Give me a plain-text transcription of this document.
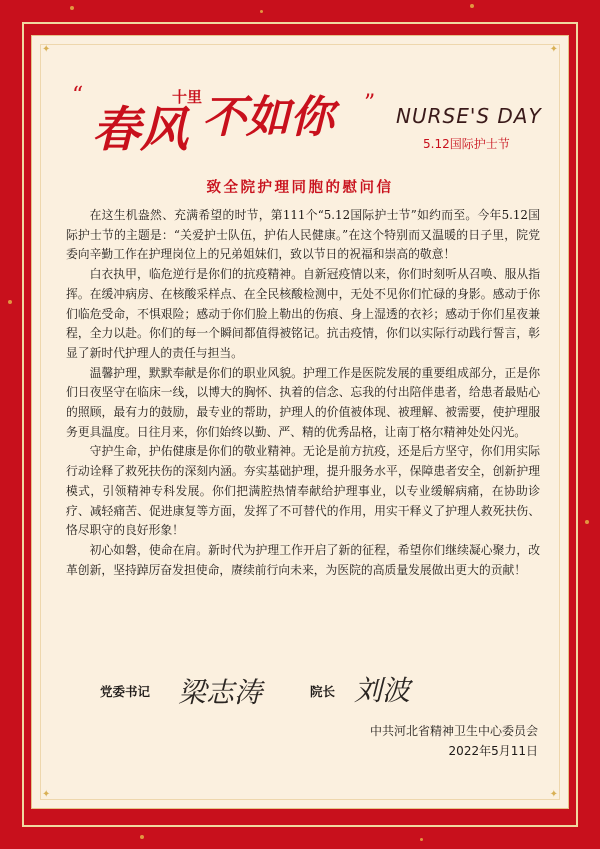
✦	✦
✦	✦
“
春风
十里 不如你	” NURSE'S DAY
5.12国际护士节
致全院护理同胞的慰问信

在这生机盎然、充满希望的时节，第111个“5.12国际护士节”如约而至。今年5.12国际护士节的主题是：“关爱护士队伍，护佑人民健康。”在这个特别而又温暖的日子里，院党委向辛勤工作在护理岗位上的兄弟姐妹们，致以节日的祝福和崇高的敬意！

白衣执甲，临危逆行是你们的抗疫精神。自新冠疫情以来，你们时刻听从召唤、服从指挥。在缓冲病房、在核酸采样点、在全民核酸检测中，无处不见你们忙碌的身影。感动于你们临危受命，不惧艰险；感动于你们脸上勒出的伤痕、身上湿透的衣衫；感动于你们星夜兼程，全力以赴。你们的每一个瞬间都值得被铭记。抗击疫情，你们以实际行动践行誓言，彰显了新时代护理人的责任与担当。

温馨护理，默默奉献是你们的职业风貌。护理工作是医院发展的重要组成部分，正是你们日夜坚守在临床一线，以博大的胸怀、执着的信念、忘我的付出陪伴患者，给患者最贴心的照顾，最有力的鼓励，最专业的帮助，护理人的价值被体现、被理解、被需要，使护理服务更具温度。日往月来，你们始终以勤、严、精的优秀品格，让南丁格尔精神处处闪光。

守护生命，护佑健康是你们的敬业精神。无论是前方抗疫，还是后方坚守，你们用实际行动诠释了救死扶伤的深刻内涵。夯实基础护理，提升服务水平，保障患者安全，创新护理模式，引领精神专科发展。你们把满腔热情奉献给护理事业，以专业缓解病痛，在协助诊疗、减轻痛苦、促进康复等方面，发挥了不可替代的作用，用实干释义了护理人救死扶伤、恪尽职守的良好形象！

初心如磐，使命在肩。新时代为护理工作开启了新的征程，希望你们继续凝心聚力，改革创新，坚持踔厉奋发担使命，赓续前行向未来，为医院的高质量发展做出更大的贡献！

党委书记 梁志涛	院长 刘波
中共河北省精神卫生中心委员会
2022年5月11日
